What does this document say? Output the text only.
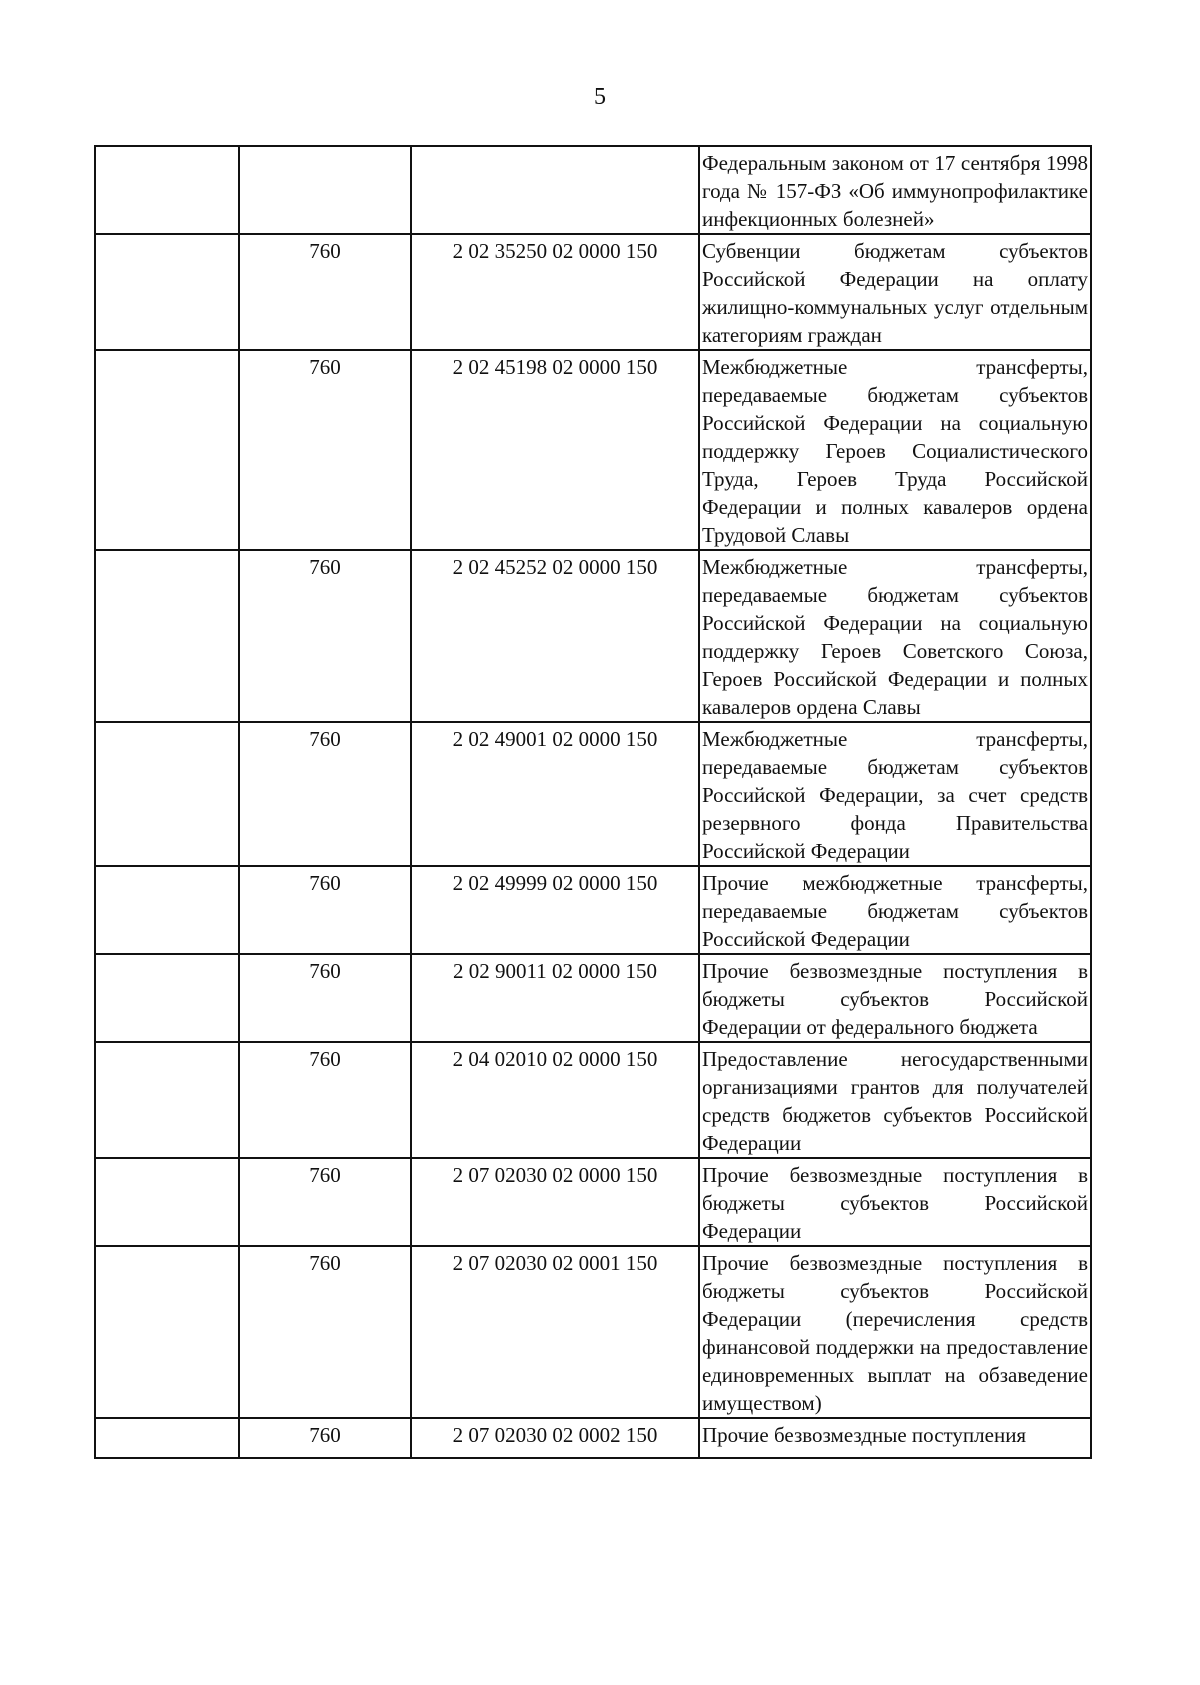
5
			Федеральным законом от 17 сентября 1998 года № 157-ФЗ «Об иммунопрофилактике инфекционных болезней»
	760	2 02 35250 02 0000 150	Субвенции бюджетам субъектов Российской Федерации на оплату жилищно-коммунальных услуг отдельным категориям граждан
	760	2 02 45198 02 0000 150	Межбюджетные трансферты, передаваемые бюджетам субъектов Российской Федерации на социальную поддержку Героев Социалистического Труда, Героев Труда Российской Федерации и полных кавалеров ордена Трудовой Славы
	760	2 02 45252 02 0000 150	Межбюджетные трансферты, передаваемые бюджетам субъектов Российской Федерации на социальную поддержку Героев Советского Союза, Героев Российской Федерации и полных кавалеров ордена Славы
	760	2 02 49001 02 0000 150	Межбюджетные трансферты, передаваемые бюджетам субъектов Российской Федерации, за счет средств резервного фонда Правительства Российской Федерации
	760	2 02 49999 02 0000 150	Прочие межбюджетные трансферты, передаваемые бюджетам субъектов Российской Федерации
	760	2 02 90011 02 0000 150	Прочие безвозмездные поступления в бюджеты субъектов Российской Федерации от федерального бюджета
	760	2 04 02010 02 0000 150	Предоставление негосударственными организациями грантов для получателей средств бюджетов субъектов Российской Федерации
	760	2 07 02030 02 0000 150	Прочие безвозмездные поступления в бюджеты субъектов Российской Федерации
	760	2 07 02030 02 0001 150	Прочие безвозмездные поступления в бюджеты субъектов Российской Федерации (перечисления средств финансовой поддержки на предоставление единовременных выплат на обзаведение имуществом)
	760	2 07 02030 02 0002 150	Прочие безвозмездные поступления
